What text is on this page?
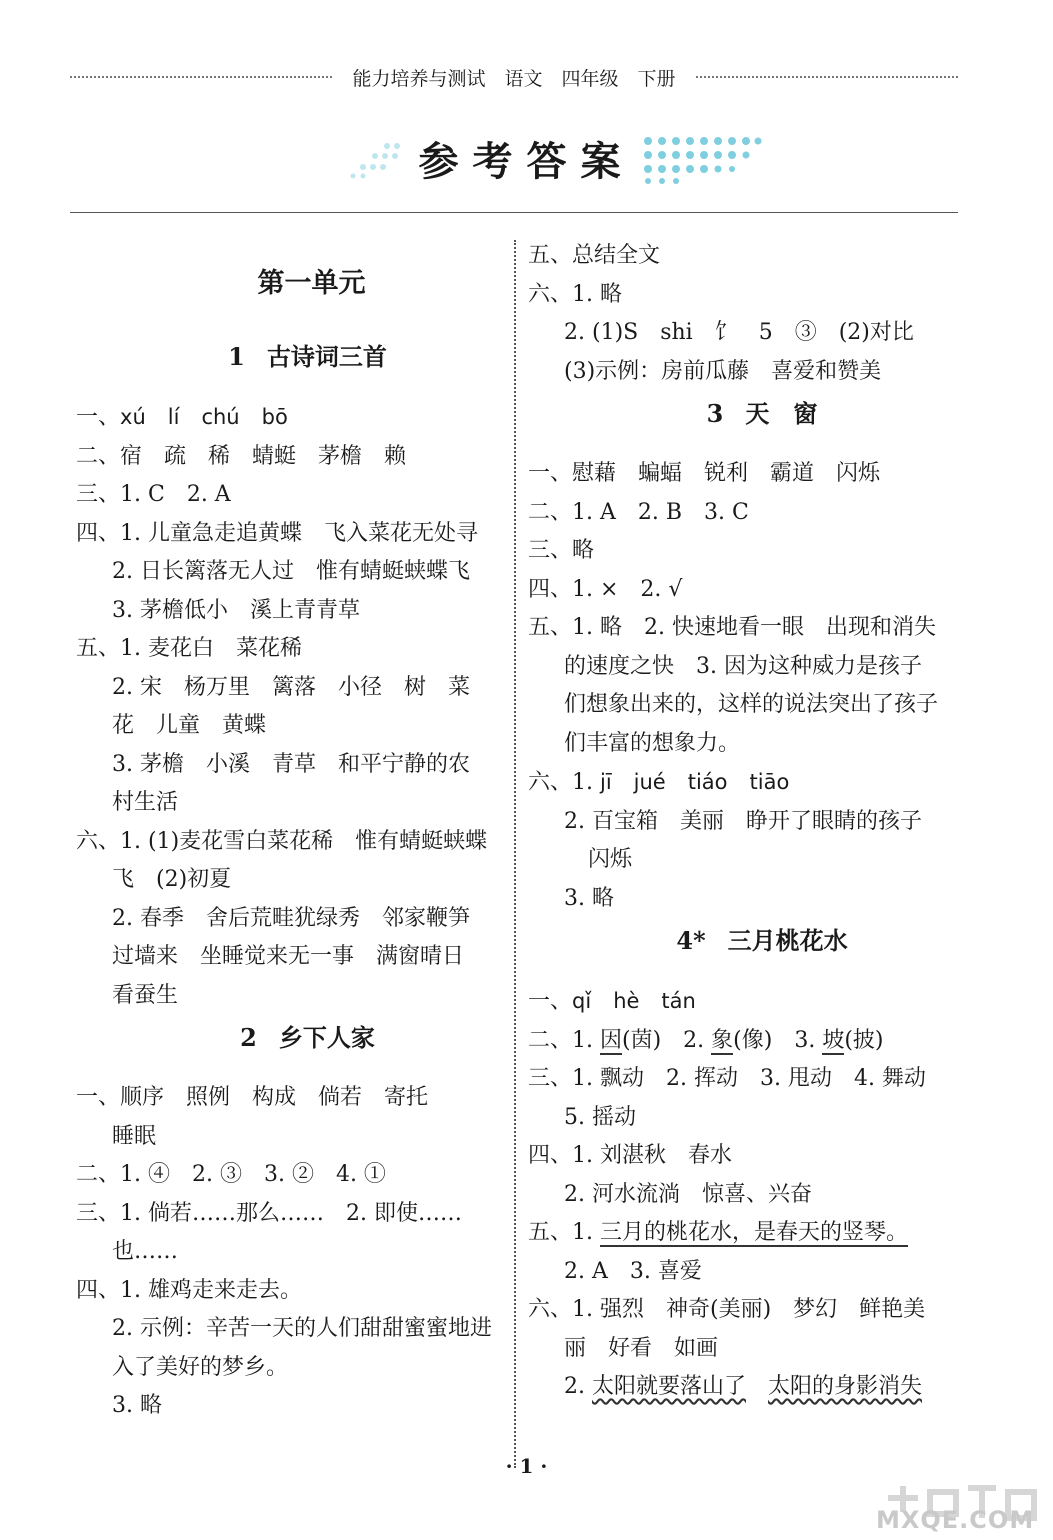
能力培养与测试　语文　四年级　下册
参考答案
第一单元
1 古诗词三首
一、xú lí chú bō
二、宿　疏　稀　蜻蜓　茅檐　赖
三、1. C　2. A
四、1. 儿童急走追黄蝶　飞入菜花无处寻
2. 日长篱落无人过　惟有蜻蜓蛱蝶飞
3. 茅檐低小　溪上青青草
五、1. 麦花白　菜花稀
2. 宋　杨万里　篱落　小径　树　菜
花　儿童　黄蝶
3. 茅檐　小溪　青草　和平宁静的农
村生活
六、1. (1)麦花雪白菜花稀　惟有蜻蜓蛱蝶
飞　(2)初夏
2. 春季　舍后荒畦犹绿秀　邻家鞭笋
过墙来　坐睡觉来无一事　满窗晴日
看蚕生
2 乡下人家
一、顺序　照例　构成　倘若　寄托
睡眠
二、1. ④　2. ③　3. ②　4. ①
三、1. 倘若……那么……　2. 即使……
也……
四、1. 雄鸡走来走去。
2. 示例：辛苦一天的人们甜甜蜜蜜地进
入了美好的梦乡。
3. 略
五、总结全文
六、1. 略
2. (1)S　shi　饣　5　③　(2)对比
(3)示例：房前瓜藤　喜爱和赞美
3 天　窗
一、慰藉　蝙蝠　锐利　霸道　闪烁
二、1. A　2. B　3. C
三、略
四、1. ×　2. √
五、1. 略　2. 快速地看一眼　出现和消失
的速度之快　3. 因为这种威力是孩子
们想象出来的，这样的说法突出了孩子
们丰富的想象力。
六、1. jī jué tiáo tiāo
2. 百宝箱　美丽　睁开了眼睛的孩子
闪烁
3. 略
4* 三月桃花水
一、qǐ hè tán
二、1. 因(茵)　2. 象(像)　3. 坡(披)
三、1. 飘动　2. 挥动　3. 甩动　4. 舞动
5. 摇动
四、1. 刘湛秋　春水
2. 河水流淌　惊喜、兴奋
五、1. 三月的桃花水，是春天的竖琴。
2. A　3. 喜爱
六、1. 强烈　神奇(美丽)　梦幻　鲜艳美
丽　好看　如画
2. 太阳就要落山了　 太阳的身影消失
· 1 ·
MXQE.COM
